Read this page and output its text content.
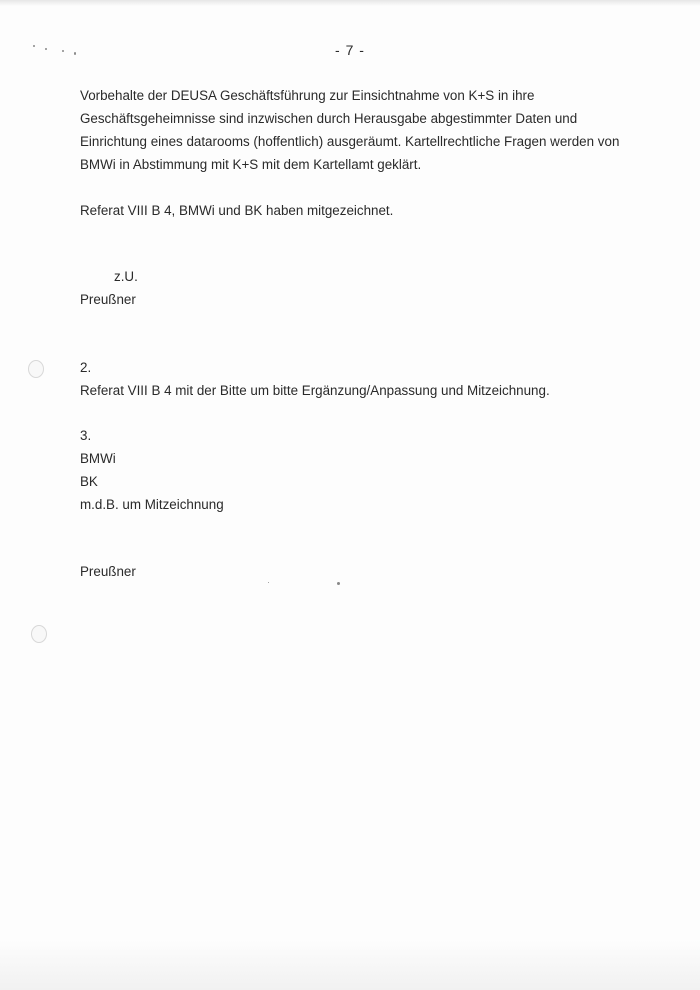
- 7 -
Vorbehalte der DEUSA Geschäftsführung zur Einsichtnahme von K+S in ihre
Geschäftsgeheimnisse sind inzwischen durch Herausgabe abgestimmter Daten und
Einrichtung eines datarooms (hoffentlich) ausgeräumt. Kartellrechtliche Fragen werden von
BMWi in Abstimmung mit K+S mit dem Kartellamt geklärt.
Referat VIII B 4, BMWi und BK haben mitgezeichnet.
z.U.
Preußner
2.
Referat VIII B 4 mit der Bitte um bitte Ergänzung/Anpassung und Mitzeichnung.
3.
BMWi
BK
m.d.B. um Mitzeichnung
Preußner
